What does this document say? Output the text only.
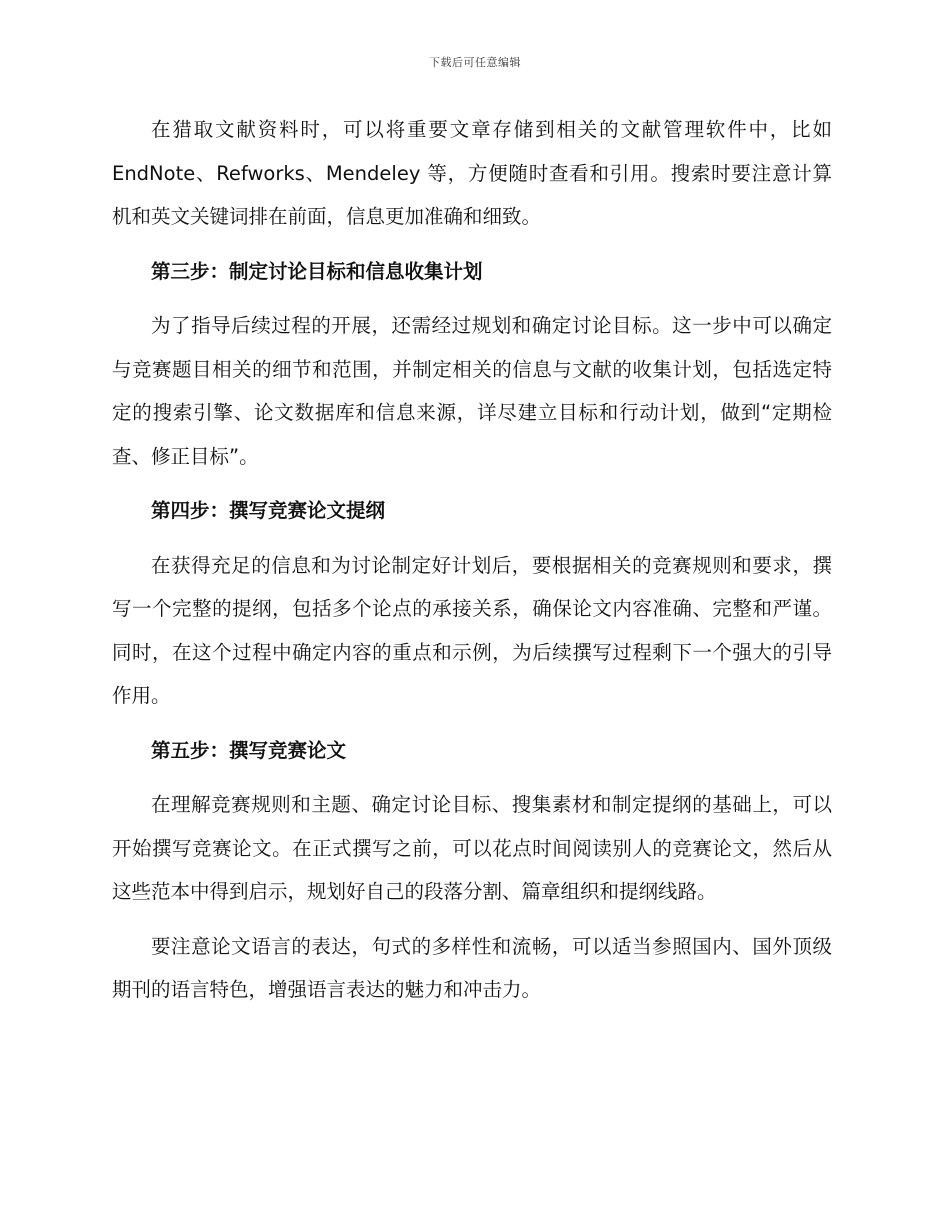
下载后可任意编辑

在猎取文献资料时，可以将重要文章存储到相关的文献管理软件中，比如 EndNote、Refworks、Mendeley 等，方便随时查看和引用。搜索时要注意计算机和英文关键词排在前面，信息更加准确和细致。

第三步：制定讨论目标和信息收集计划

为了指导后续过程的开展，还需经过规划和确定讨论目标。这一步中可以确定与竞赛题目相关的细节和范围，并制定相关的信息与文献的收集计划，包括选定特定的搜索引擎、论文数据库和信息来源，详尽建立目标和行动计划，做到“定期检查、修正目标”。

第四步：撰写竞赛论文提纲

在获得充足的信息和为讨论制定好计划后，要根据相关的竞赛规则和要求，撰写一个完整的提纲，包括多个论点的承接关系，确保论文内容准确、完整和严谨。同时，在这个过程中确定内容的重点和示例，为后续撰写过程剩下一个强大的引导作用。

第五步：撰写竞赛论文

在理解竞赛规则和主题、确定讨论目标、搜集素材和制定提纲的基础上，可以开始撰写竞赛论文。在正式撰写之前，可以花点时间阅读别人的竞赛论文，然后从这些范本中得到启示，规划好自己的段落分割、篇章组织和提纲线路。

要注意论文语言的表达，句式的多样性和流畅，可以适当参照国内、国外顶级期刊的语言特色，增强语言表达的魅力和冲击力。
